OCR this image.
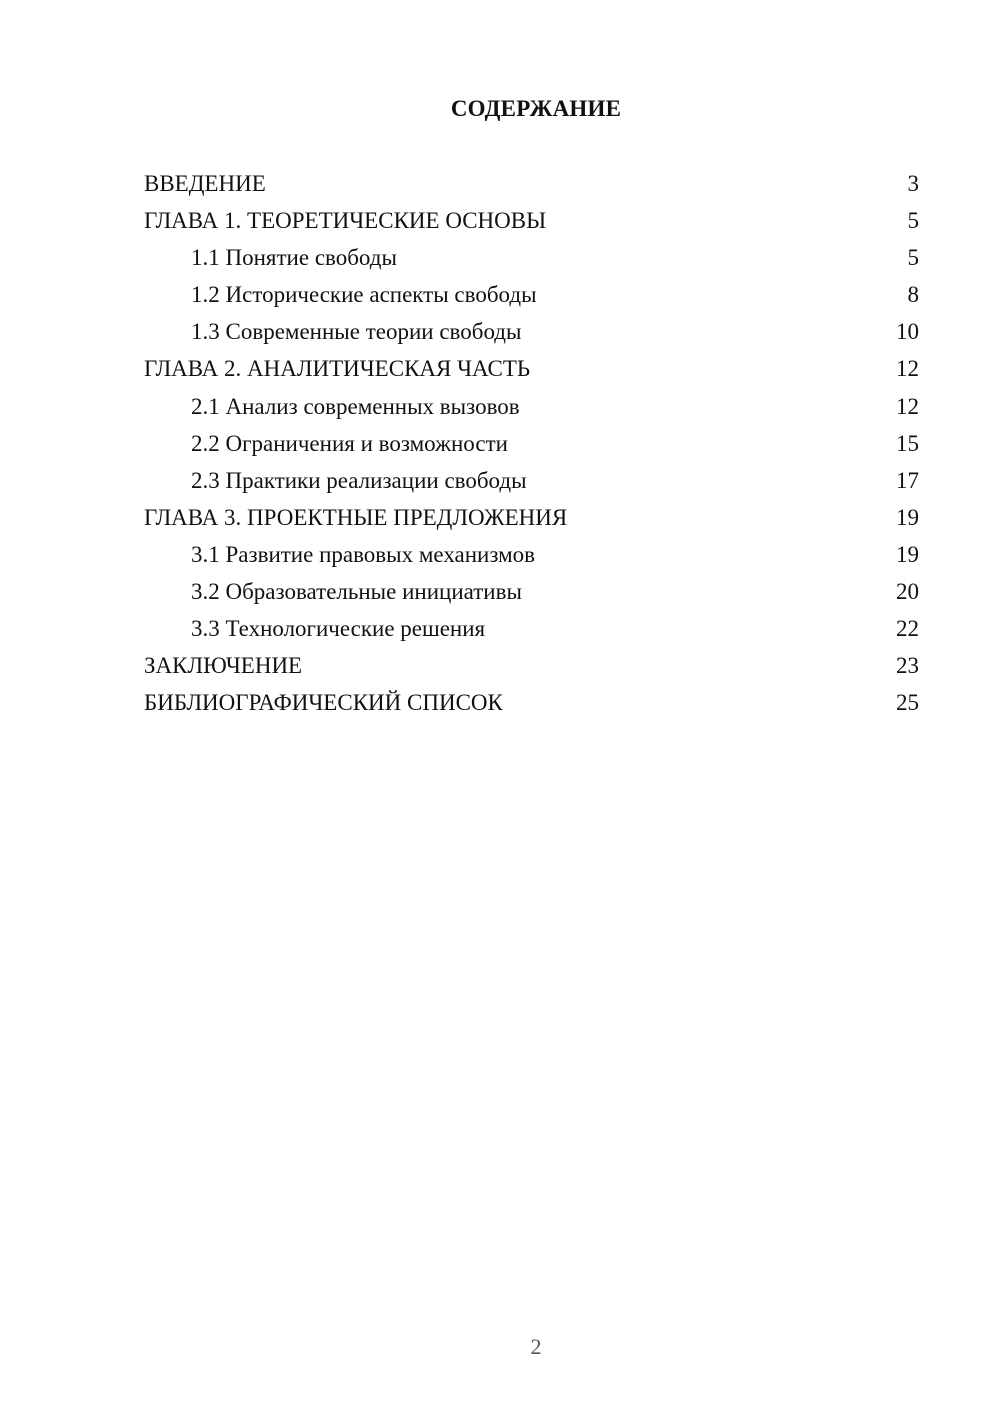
СОДЕРЖАНИЕ
ВВЕДЕНИЕ	3
ГЛАВА 1. ТЕОРЕТИЧЕСКИЕ ОСНОВЫ	5
1.1 Понятие свободы	5
1.2 Исторические аспекты свободы	8
1.3 Современные теории свободы	10
ГЛАВА 2. АНАЛИТИЧЕСКАЯ ЧАСТЬ	12
2.1 Анализ современных вызовов	12
2.2 Ограничения и возможности	15
2.3 Практики реализации свободы	17
ГЛАВА 3. ПРОЕКТНЫЕ ПРЕДЛОЖЕНИЯ	19
3.1 Развитие правовых механизмов	19
3.2 Образовательные инициативы	20
3.3 Технологические решения	22
ЗАКЛЮЧЕНИЕ	23
БИБЛИОГРАФИЧЕСКИЙ СПИСОК	25
2
